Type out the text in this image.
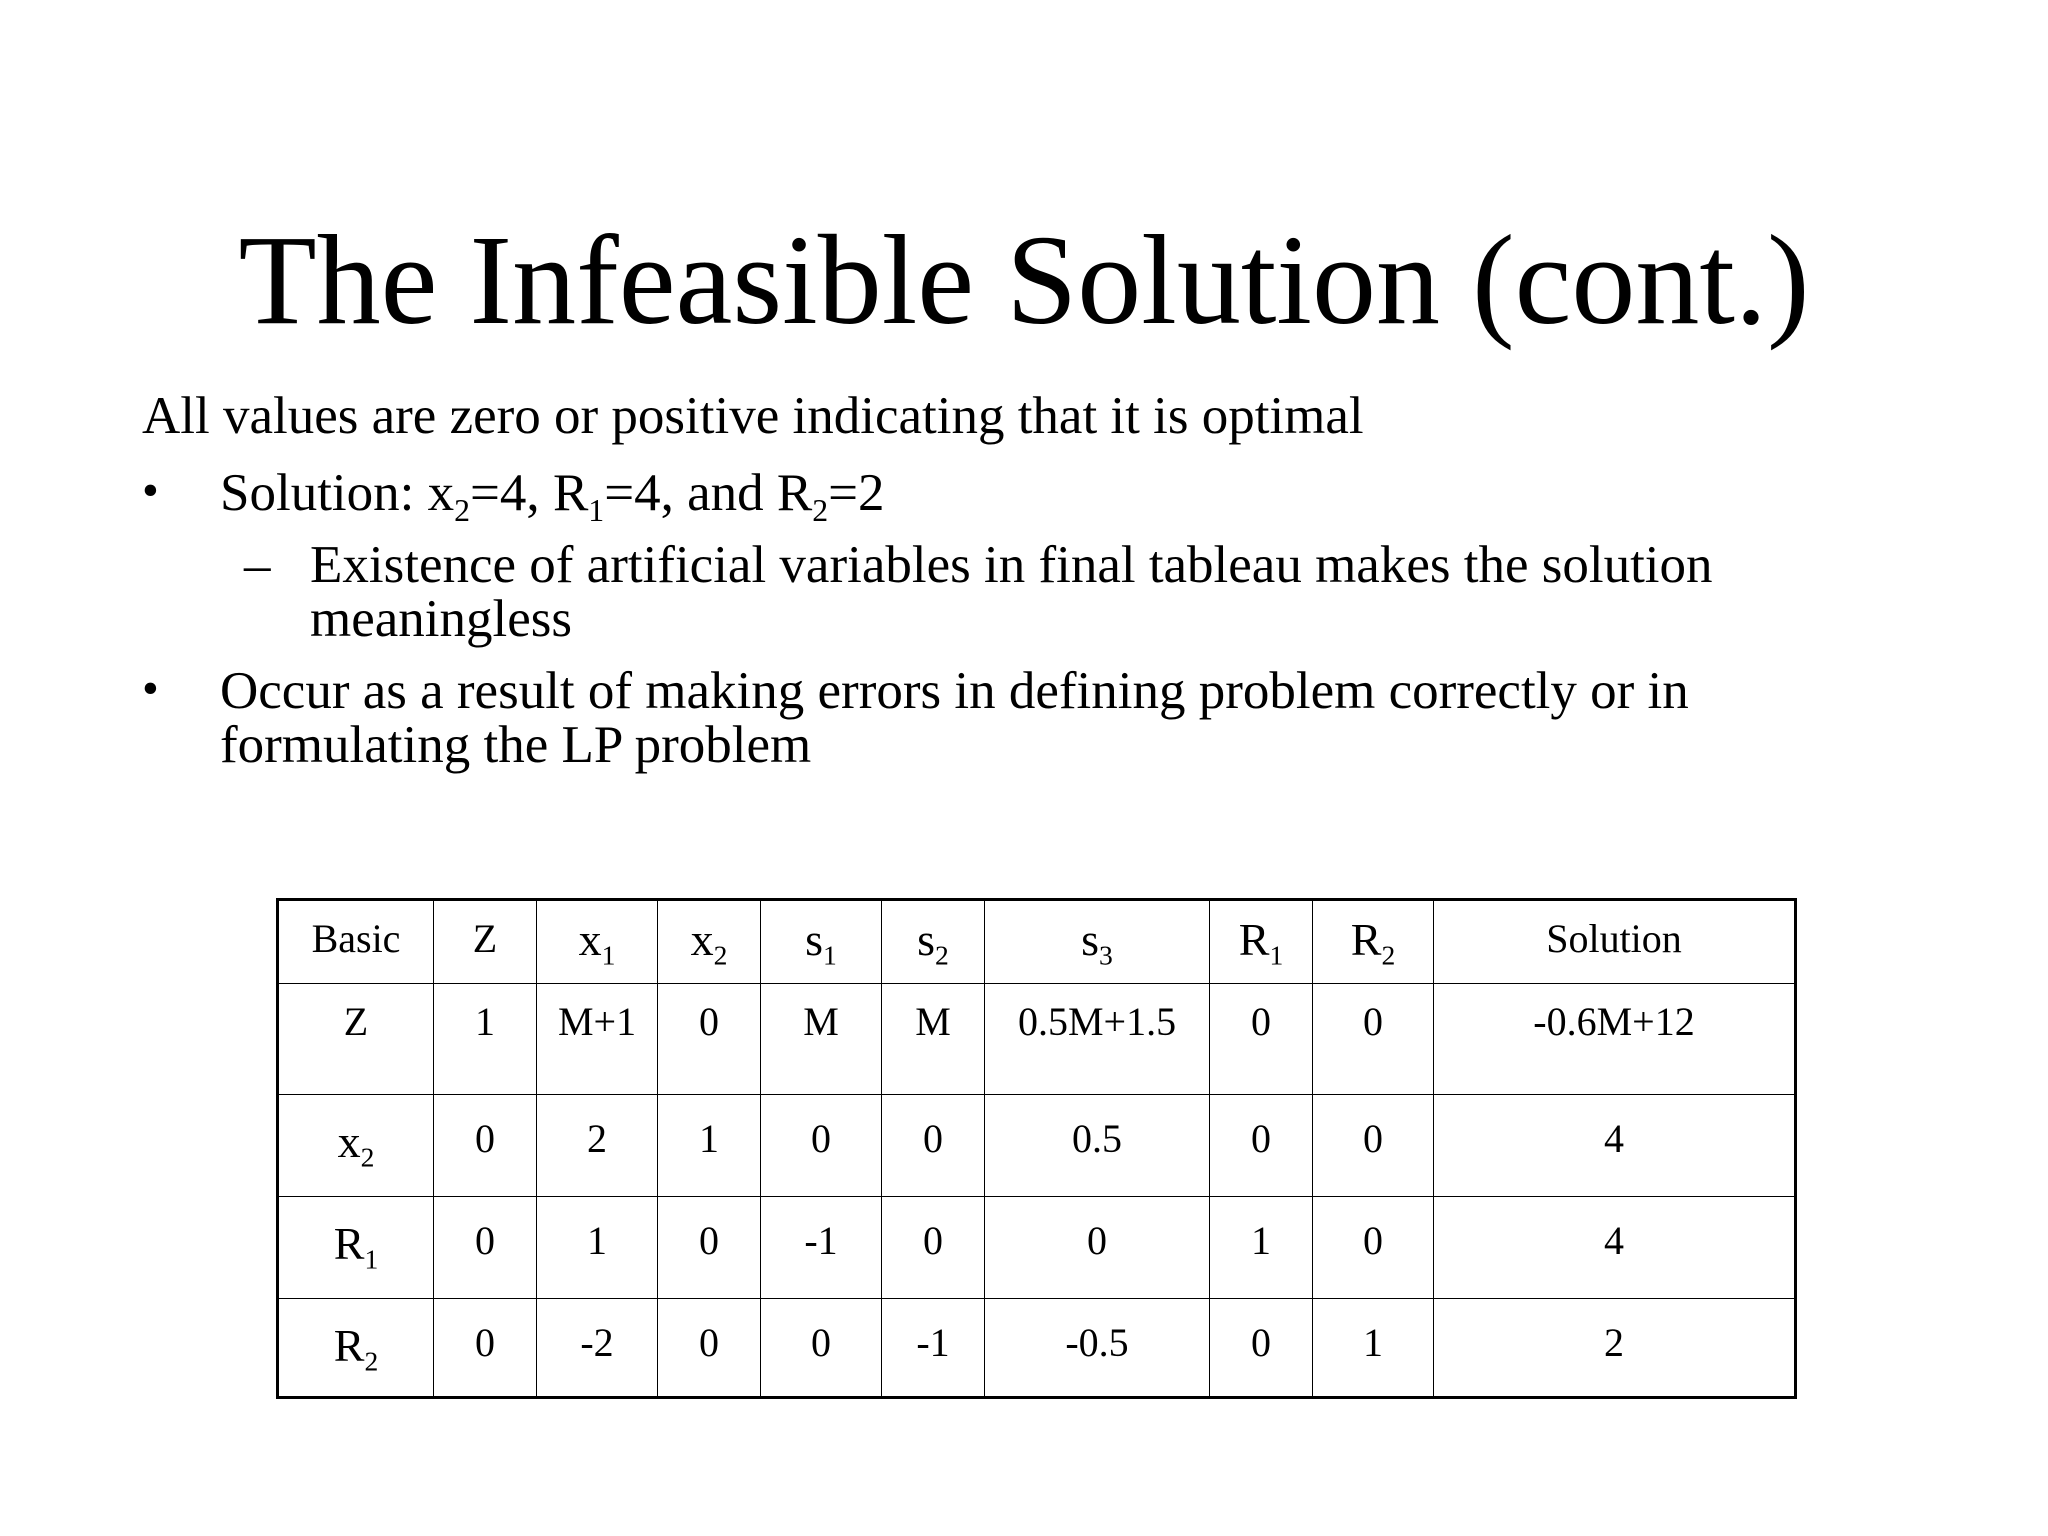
The Infeasible Solution (cont.)
All values are zero or positive indicating that it is optimal
• Solution: $x_2=4$, $R_1=4$, and $R_2=2$
– Existence of artificial variables in final tableau makes the solution
meaningless
• Occur as a result of making errors in defining problem correctly or in
formulating the LP problem
Basic	Z	$x_1$	$x_2$	$s_1$	$s_2$	$s_3$	$R_1$	$R_2$	Solution
Z	1	M+1	0	M	M	0.5M+1.5	0	0	-0.6M+12
$x_2$	0	2	1	0	0	0.5	0	0	4
$R_1$	0	1	0	-1	0	0	1	0	4
$R_2$	0	-2	0	0	-1	-0.5	0	1	2
